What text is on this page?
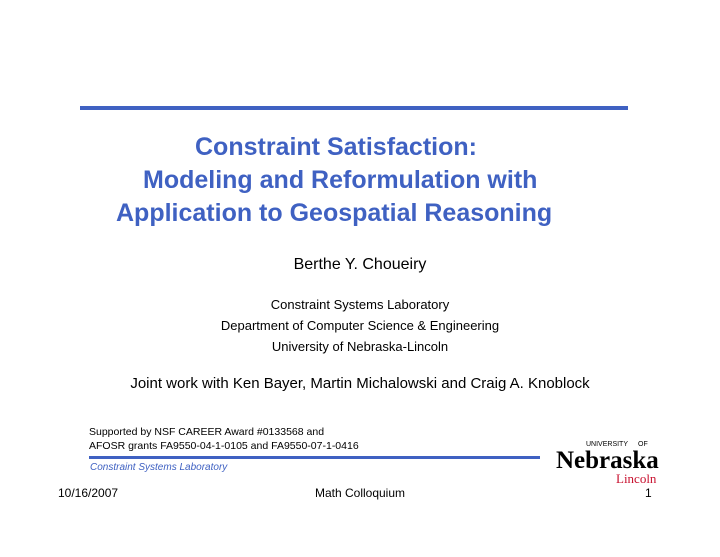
Constraint Satisfaction:
Modeling and Reformulation with
Application to Geospatial Reasoning
Berthe Y. Choueiry
Constraint Systems Laboratory
Department of Computer Science & Engineering
University of Nebraska-Lincoln
Joint work with Ken Bayer, Martin Michalowski and Craig A. Knoblock
Supported by NSF CAREER Award #0133568 and
AFOSR grants FA9550-04-1-0105 and FA9550-07-1-0416
Constraint Systems Laboratory
UNIVERSITY OF
Nebraska
Lincoln
10/16/2007	Math Colloquium	1
